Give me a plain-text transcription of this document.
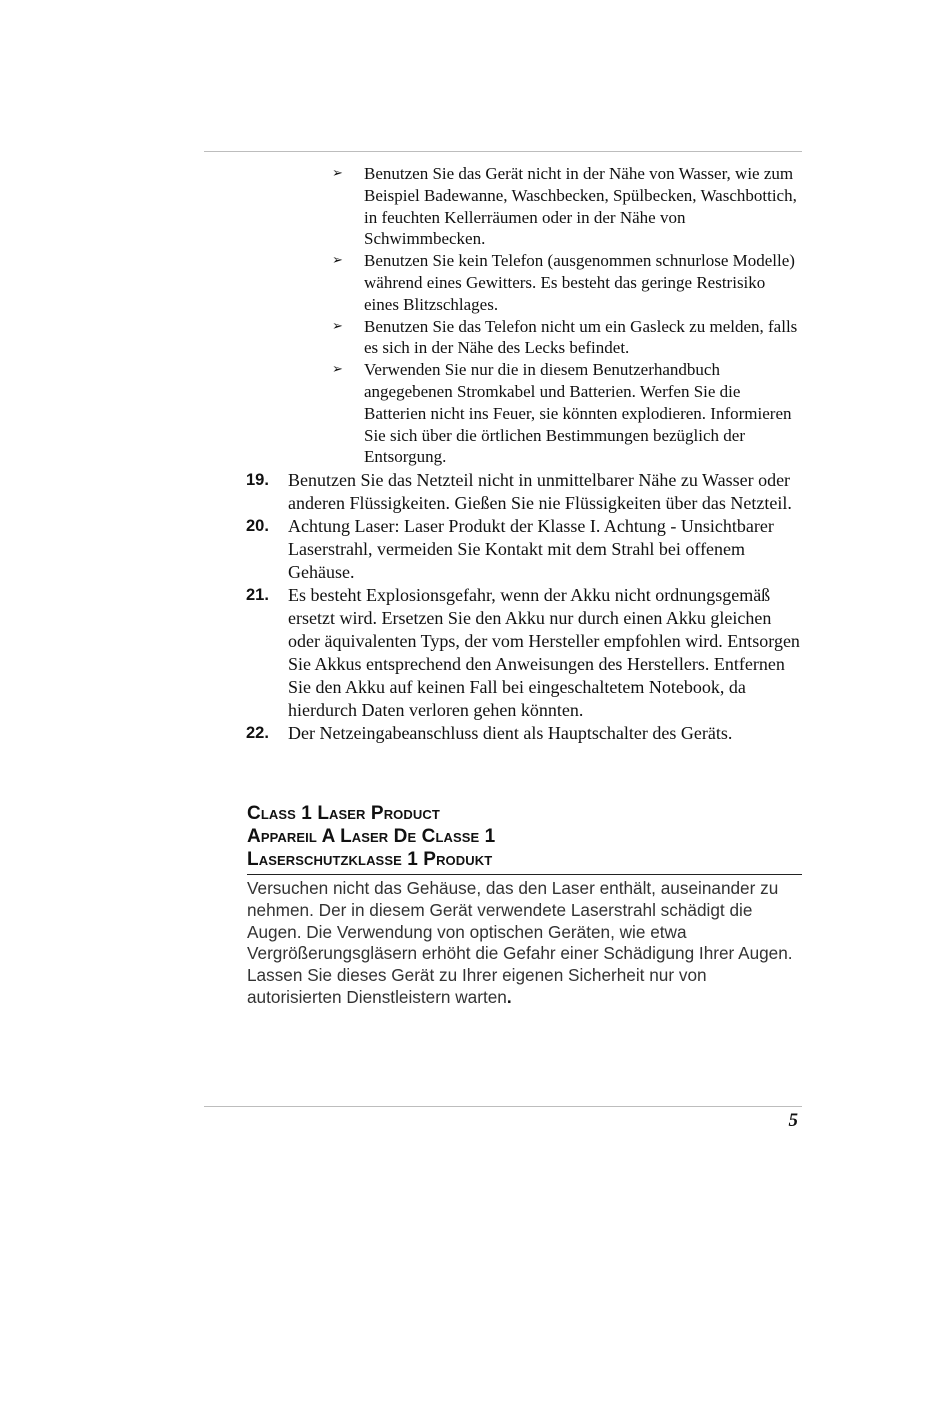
➢ Benutzen Sie das Gerät nicht in der Nähe von Wasser, wie zum Beispiel Badewanne, Waschbecken, Spülbecken, Waschbottich, in feuchten Kellerräumen oder in der Nähe von Schwimmbecken.
➢ Benutzen Sie kein Telefon (ausgenommen schnurlose Modelle) während eines Gewitters. Es besteht das geringe Restrisiko eines Blitzschlages.
➢ Benutzen Sie das Telefon nicht um ein Gasleck zu melden, falls es sich in der Nähe des Lecks befindet.
➢ Verwenden Sie nur die in diesem Benutzerhandbuch angegebenen Stromkabel und Batterien. Werfen Sie die Batterien nicht ins Feuer, sie könnten explodieren. Informieren Sie sich über die örtlichen Bestimmungen bezüglich der Entsorgung.
19. Benutzen Sie das Netzteil nicht in unmittelbarer Nähe zu Wasser oder anderen Flüssigkeiten. Gießen Sie nie Flüssigkeiten über das Netzteil.
20. Achtung Laser: Laser Produkt der Klasse I. Achtung - Unsichtbarer Laserstrahl, vermeiden Sie Kontakt mit dem Strahl bei offenem Gehäuse.
21. Es besteht Explosionsgefahr, wenn der Akku nicht ordnungsgemäß ersetzt wird. Ersetzen Sie den Akku nur durch einen Akku gleichen oder äquivalenten Typs, der vom Hersteller empfohlen wird. Entsorgen Sie Akkus entsprechend den Anweisungen des Herstellers. Entfernen Sie den Akku auf keinen Fall bei eingeschaltetem Notebook, da hierdurch Daten verloren gehen könnten.
22. Der Netzeingabeanschluss dient als Hauptschalter des Geräts.
Class 1 Laser Product
Appareil A Laser De Classe 1
Laserschutzklasse 1 Produkt

Versuchen nicht das Gehäuse, das den Laser enthält, auseinander zu nehmen. Der in diesem Gerät verwendete Laserstrahl schädigt die Augen. Die Verwendung von optischen Geräten, wie etwa Vergrößerungsgläsern erhöht die Gefahr einer Schädigung Ihrer Augen. Lassen Sie dieses Gerät zu Ihrer eigenen Sicherheit nur von autorisierten Dienstleistern warten.

5
